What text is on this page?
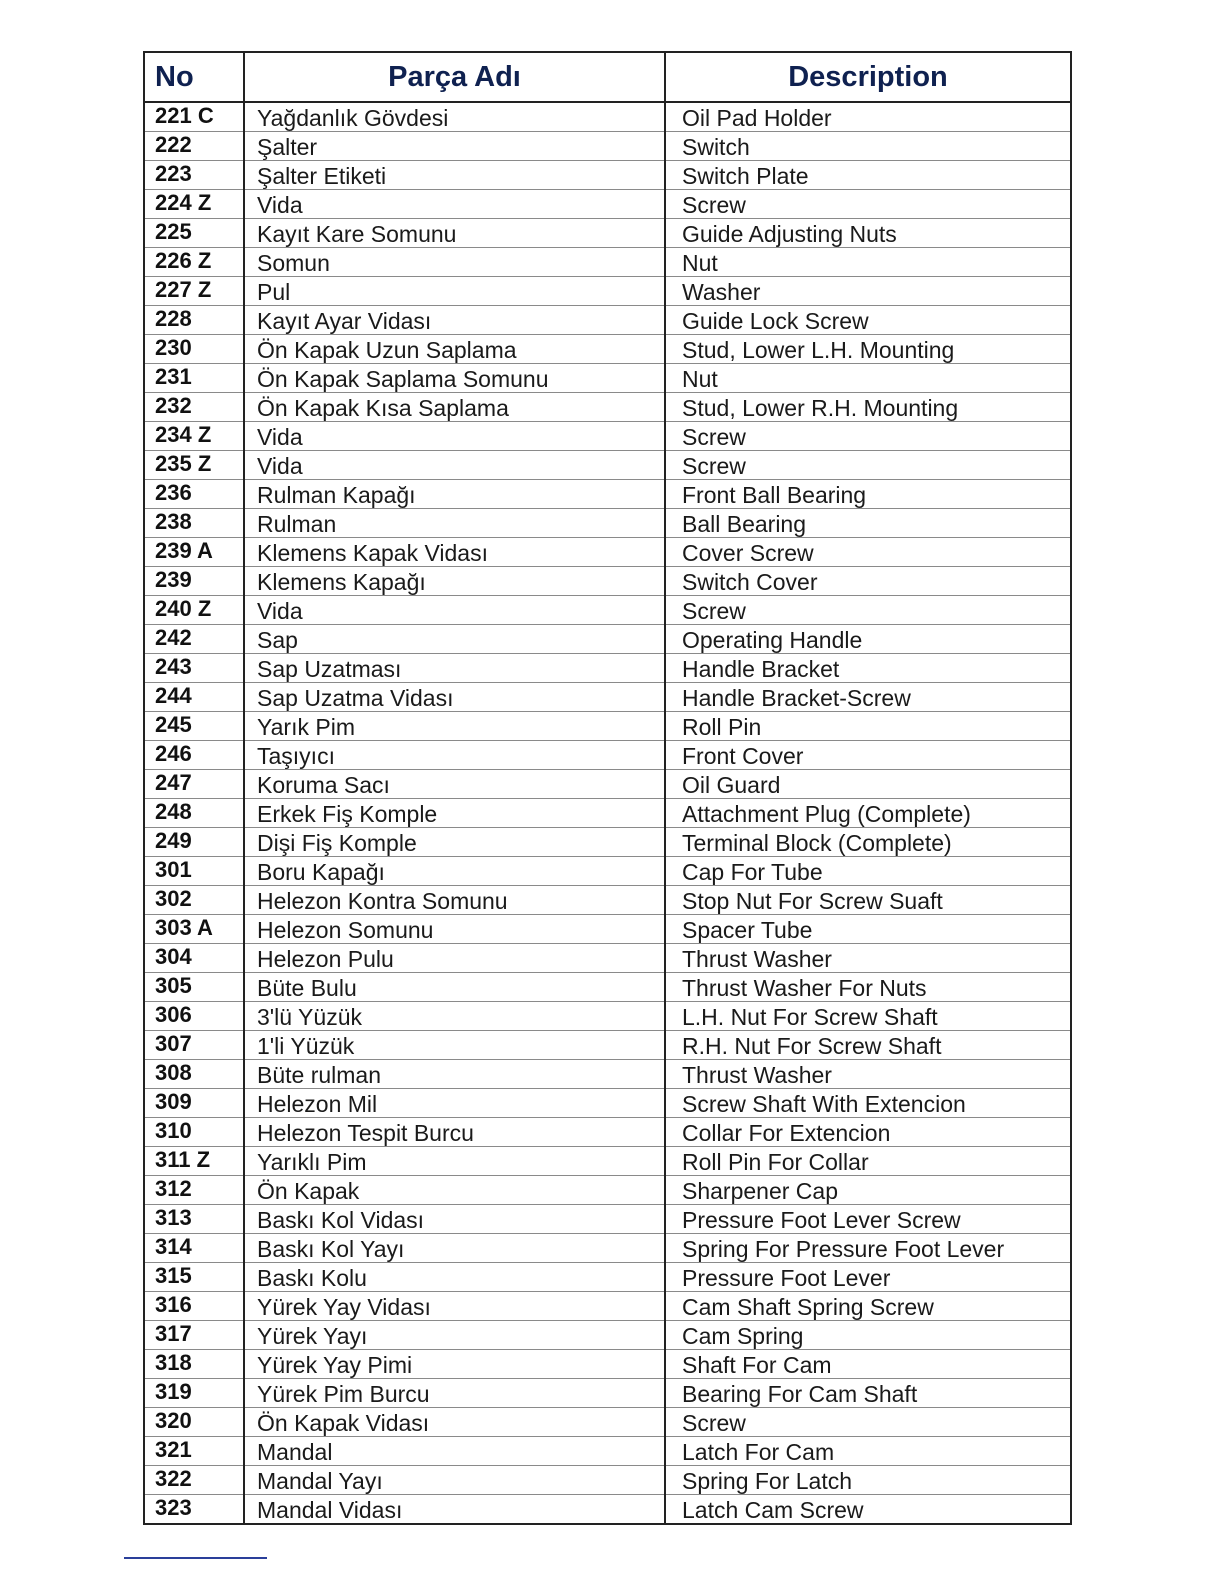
No	Parça Adı	Description
221 C	Yağdanlık Gövdesi	Oil Pad Holder
222	Şalter	Switch
223	Şalter Etiketi	Switch Plate
224 Z	Vida	Screw
225	Kayıt Kare Somunu	Guide Adjusting Nuts
226 Z	Somun	Nut
227 Z	Pul	Washer
228	Kayıt Ayar Vidası	Guide Lock Screw
230	Ön Kapak Uzun Saplama	Stud, Lower L.H. Mounting
231	Ön Kapak Saplama Somunu	Nut
232	Ön Kapak Kısa Saplama	Stud, Lower R.H. Mounting
234 Z	Vida	Screw
235 Z	Vida	Screw
236	Rulman Kapağı	Front Ball Bearing
238	Rulman	Ball Bearing
239 A	Klemens Kapak Vidası	Cover Screw
239	Klemens Kapağı	Switch Cover
240 Z	Vida	Screw
242	Sap	Operating Handle
243	Sap Uzatması	Handle Bracket
244	Sap Uzatma Vidası	Handle Bracket-Screw
245	Yarık Pim	Roll Pin
246	Taşıyıcı	Front Cover
247	Koruma Sacı	Oil Guard
248	Erkek Fiş Komple	Attachment Plug (Complete)
249	Dişi Fiş Komple	Terminal Block (Complete)
301	Boru Kapağı	Cap For Tube
302	Helezon Kontra Somunu	Stop Nut For Screw Suaft
303 A	Helezon Somunu	Spacer Tube
304	Helezon Pulu	Thrust Washer
305	Büte Bulu	Thrust Washer For Nuts
306	3'lü Yüzük	L.H. Nut For Screw Shaft
307	1'li Yüzük	R.H. Nut For Screw Shaft
308	Büte rulman	Thrust Washer
309	Helezon Mil	Screw Shaft With Extencion
310	Helezon Tespit Burcu	Collar For Extencion
311 Z	Yarıklı Pim	Roll Pin For Collar
312	Ön Kapak	Sharpener Cap
313	Baskı Kol Vidası	Pressure Foot Lever Screw
314	Baskı Kol Yayı	Spring For Pressure Foot Lever
315	Baskı Kolu	Pressure Foot Lever
316	Yürek Yay Vidası	Cam Shaft Spring Screw
317	Yürek Yayı	Cam Spring
318	Yürek Yay Pimi	Shaft For Cam
319	Yürek Pim Burcu	Bearing For Cam Shaft
320	Ön Kapak Vidası	Screw
321	Mandal	Latch For Cam
322	Mandal Yayı	Spring For Latch
323	Mandal Vidası	Latch Cam Screw
